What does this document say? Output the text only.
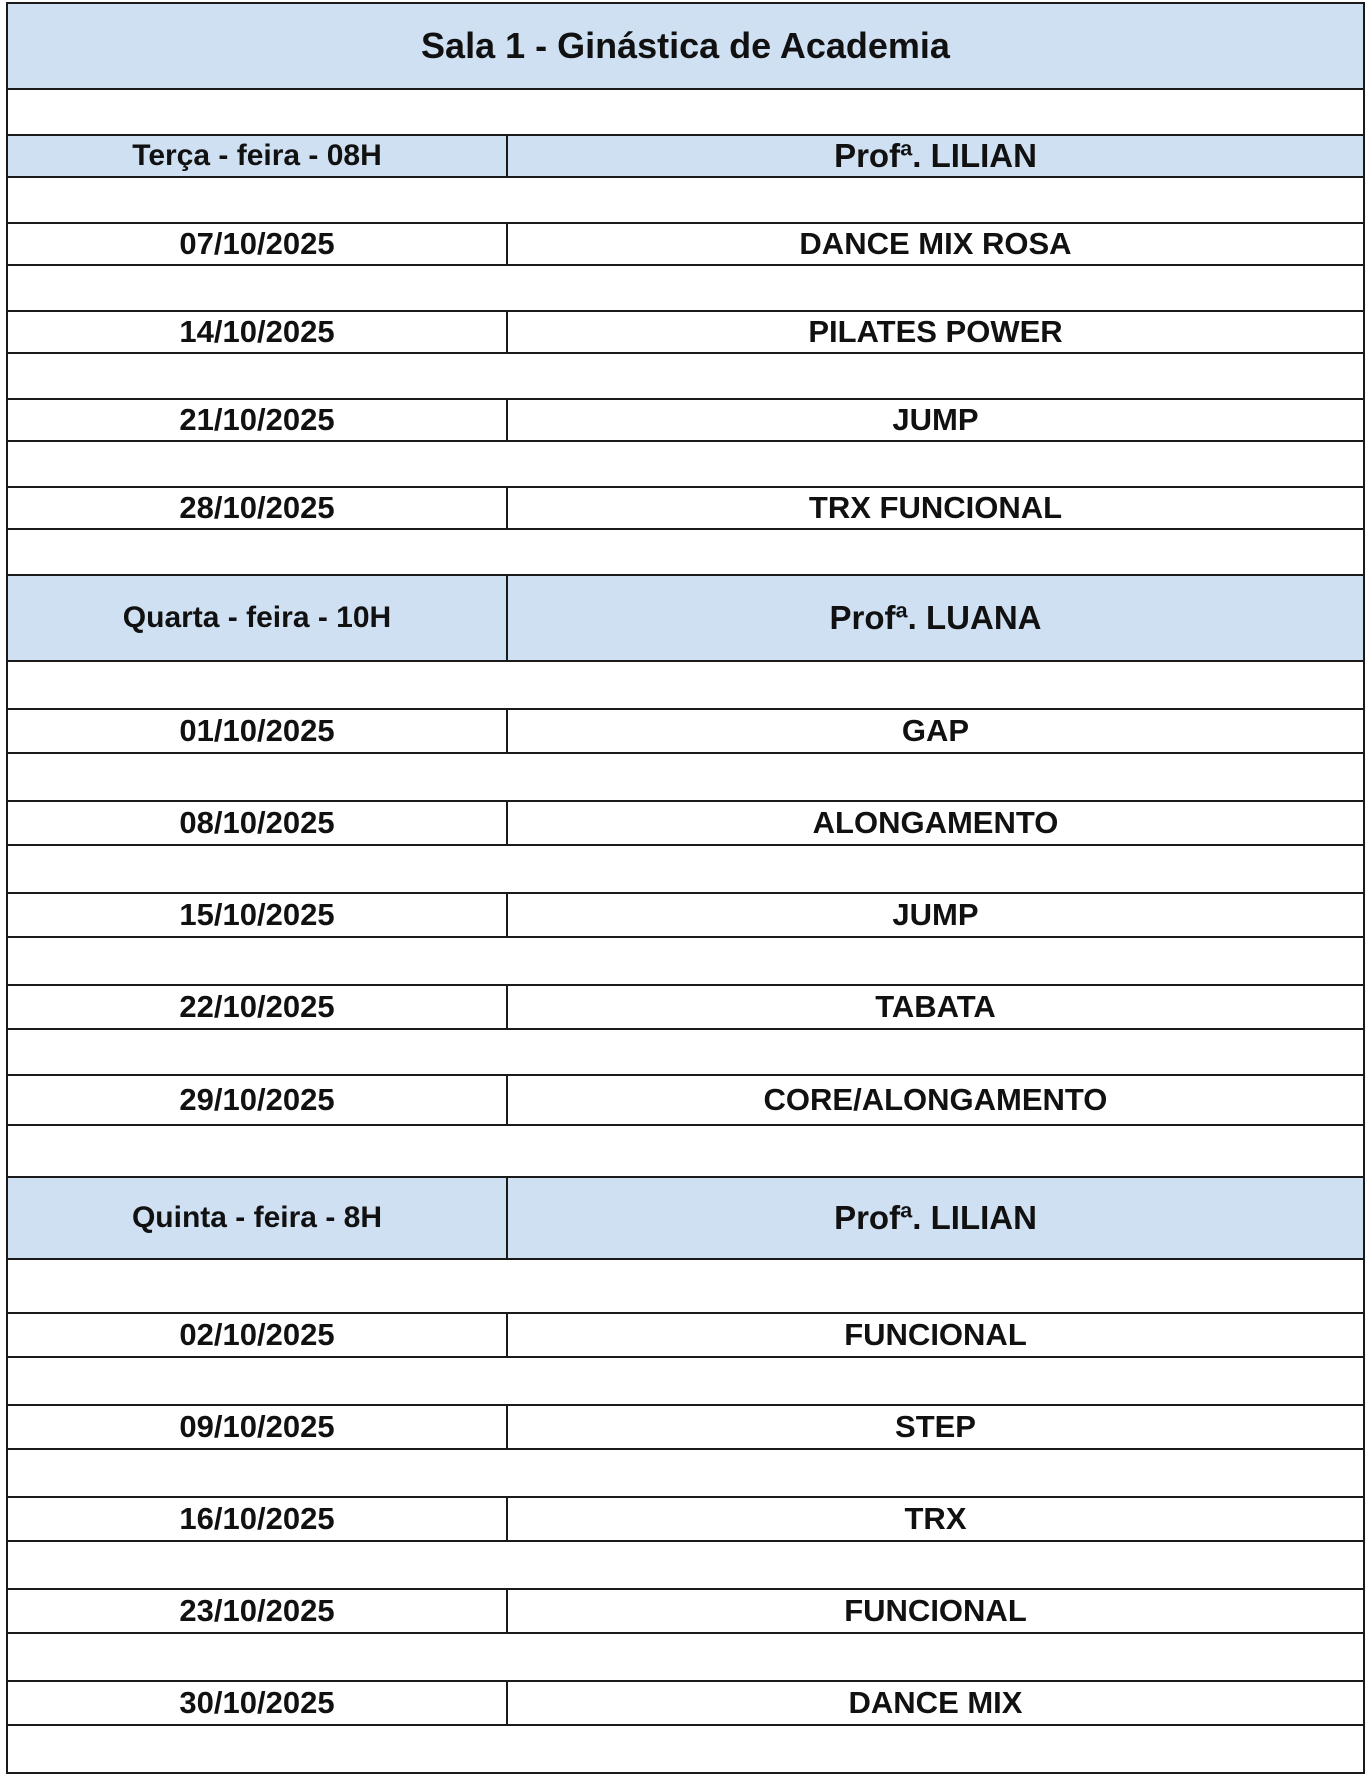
Sala 1 - Ginástica de Academia
Terça - feira - 08H	Profª. LILIAN
07/10/2025	DANCE MIX ROSA
14/10/2025	PILATES POWER
21/10/2025	JUMP
28/10/2025	TRX FUNCIONAL
Quarta - feira - 10H	Profª. LUANA
01/10/2025	GAP
08/10/2025	ALONGAMENTO
15/10/2025	JUMP
22/10/2025	TABATA
29/10/2025	CORE/ALONGAMENTO
Quinta - feira - 8H	Profª. LILIAN
02/10/2025	FUNCIONAL
09/10/2025	STEP
16/10/2025	TRX
23/10/2025	FUNCIONAL
30/10/2025	DANCE MIX
